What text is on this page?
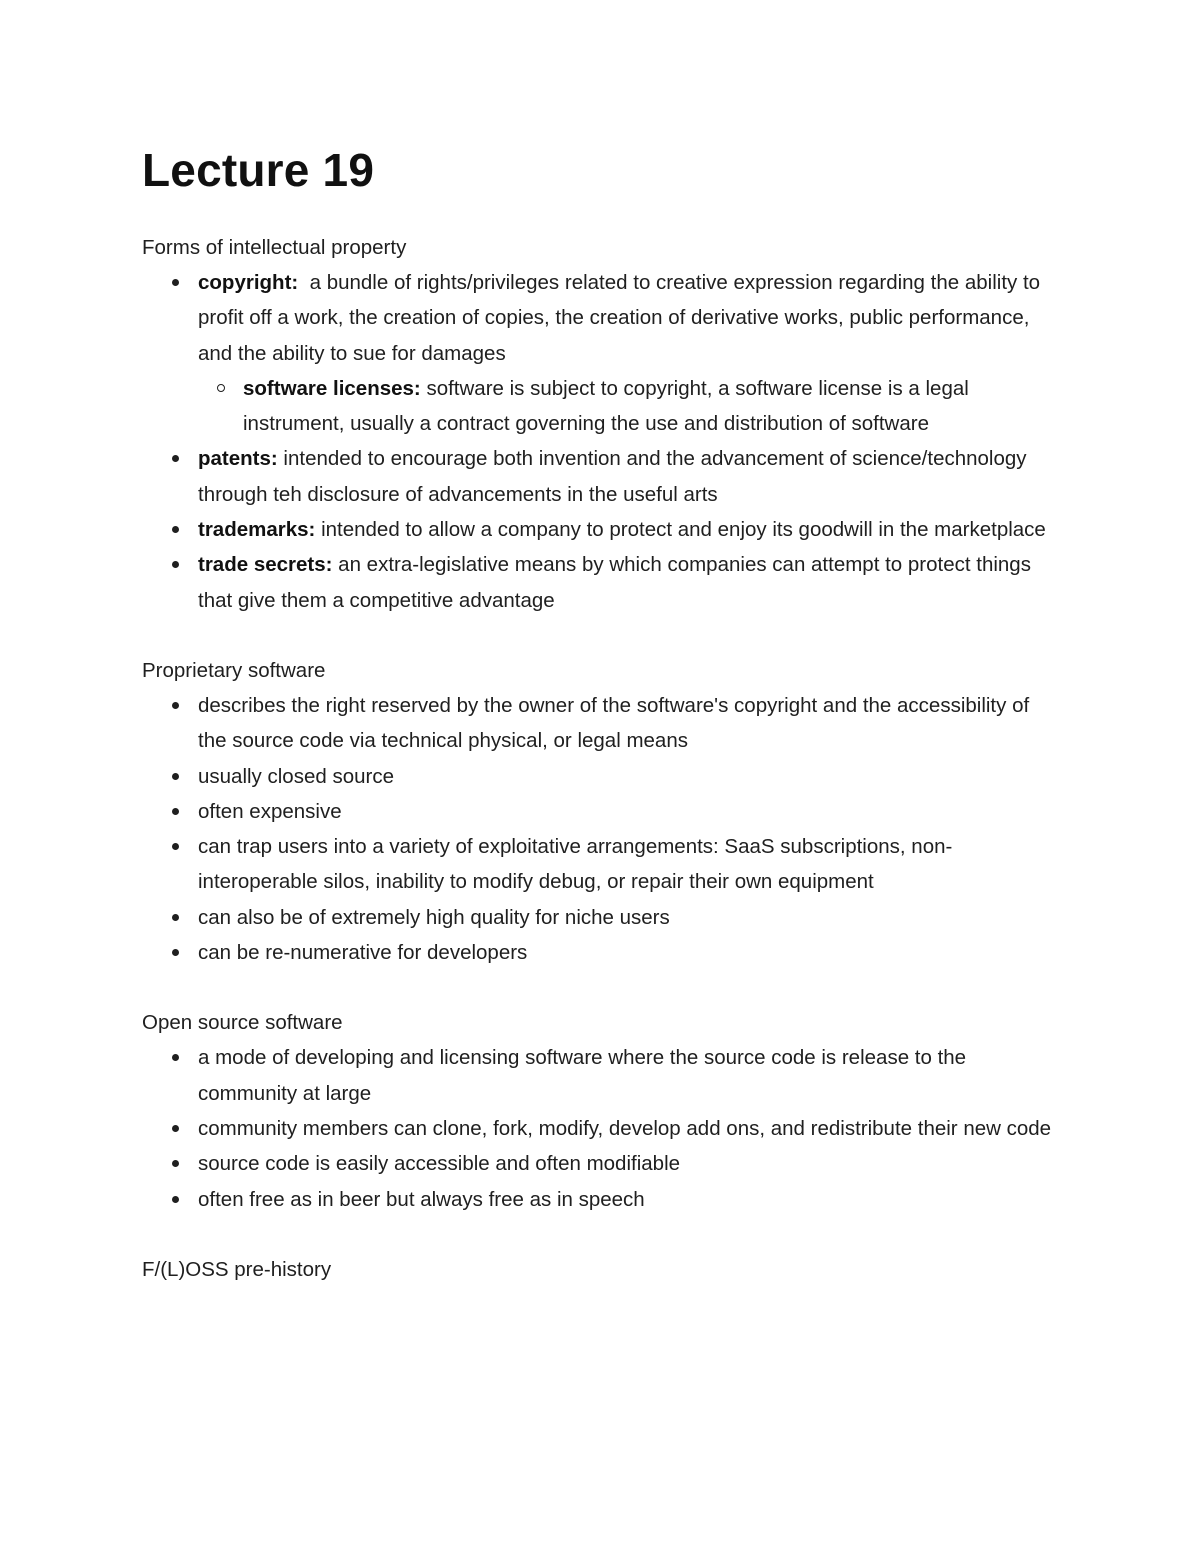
Lecture 19

Forms of intellectual property

copyright:  a bundle of rights/privileges related to creative expression regarding the ability to profit off a work, the creation of copies, the creation of derivative works, public performance, and the ability to sue for damages
software licenses: software is subject to copyright, a software license is a legal instrument, usually a contract governing the use and distribution of software
patents: intended to encourage both invention and the advancement of science/technology through teh disclosure of advancements in the useful arts
trademarks: intended to allow a company to protect and enjoy its goodwill in the marketplace
trade secrets: an extra-legislative means by which companies can attempt to protect things that give them a competitive advantage

Proprietary software

describes the right reserved by the owner of the software's copyright and the accessibility of the source code via technical physical, or legal means
usually closed source
often expensive
can trap users into a variety of exploitative arrangements: SaaS subscriptions, non-interoperable silos, inability to modify debug, or repair their own equipment
can also be of extremely high quality for niche users
can be re-numerative for developers

Open source software

a mode of developing and licensing software where the source code is release to the community at large
community members can clone, fork, modify, develop add ons, and redistribute their new code
source code is easily accessible and often modifiable
often free as in beer but always free as in speech

F/(L)OSS pre-history
